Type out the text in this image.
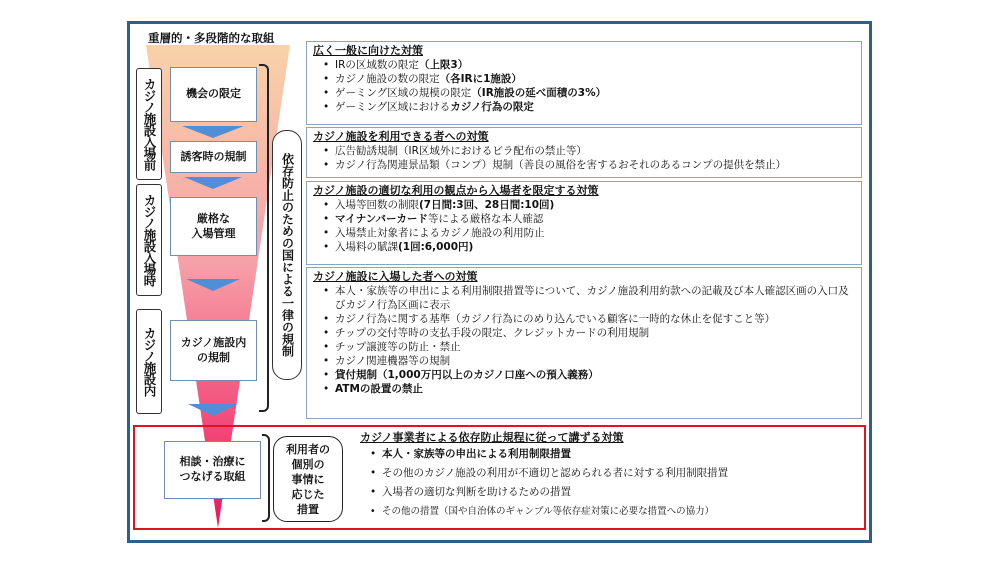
重層的・多段階的な取組
カジノ施設入場前
カジノ施設入場時
カジノ施設内
機会の限定
誘客時の規制
厳格な
入場管理
カジノ施設内
の規制
相談・治療に
つなげる取組
依存防止のための国による一律の規制
利用者の
個別の
事情に
応じた
措置
広く一般に向けた対策
• IRの区域数の限定（上限3）
• カジノ施設の数の限定（各IRに1施設）
• ゲーミング区域の規模の限定（IR施設の延べ面積の3%）
• ゲーミング区域におけるカジノ行為の限定
カジノ施設を利用できる者への対策
• 広告勧誘規制（IR区域外におけるビラ配布の禁止等）
• カジノ行為関連景品類（コンプ）規制（善良の風俗を害するおそれのあるコンプの提供を禁止）
カジノ施設の適切な利用の観点から入場者を限定する対策
• 入場等回数の制限(7日間:3回、28日間:10回)
• マイナンバーカード等による厳格な本人確認
• 入場禁止対象者によるカジノ施設の利用防止
• 入場料の賦課(1回:6,000円)
カジノ施設に入場した者への対策
• 本人・家族等の申出による利用制限措置等について、カジノ施設利用約款への記載及び本人確認区画の入口及びカジノ行為区画に表示
• カジノ行為に関する基準（カジノ行為にのめり込んでいる顧客に一時的な休止を促すこと等）
• チップの交付等時の支払手段の限定、クレジットカードの利用規制
• チップ譲渡等の防止・禁止
• カジノ関連機器等の規制
• 貸付規制（1,000万円以上のカジノ口座への預入義務）
• ATMの設置の禁止
カジノ事業者による依存防止規程に従って講ずる対策
• 本人・家族等の申出による利用制限措置
• その他のカジノ施設の利用が不適切と認められる者に対する利用制限措置
• 入場者の適切な判断を助けるための措置
• その他の措置（国や自治体のギャンブル等依存症対策に必要な措置への協力）
